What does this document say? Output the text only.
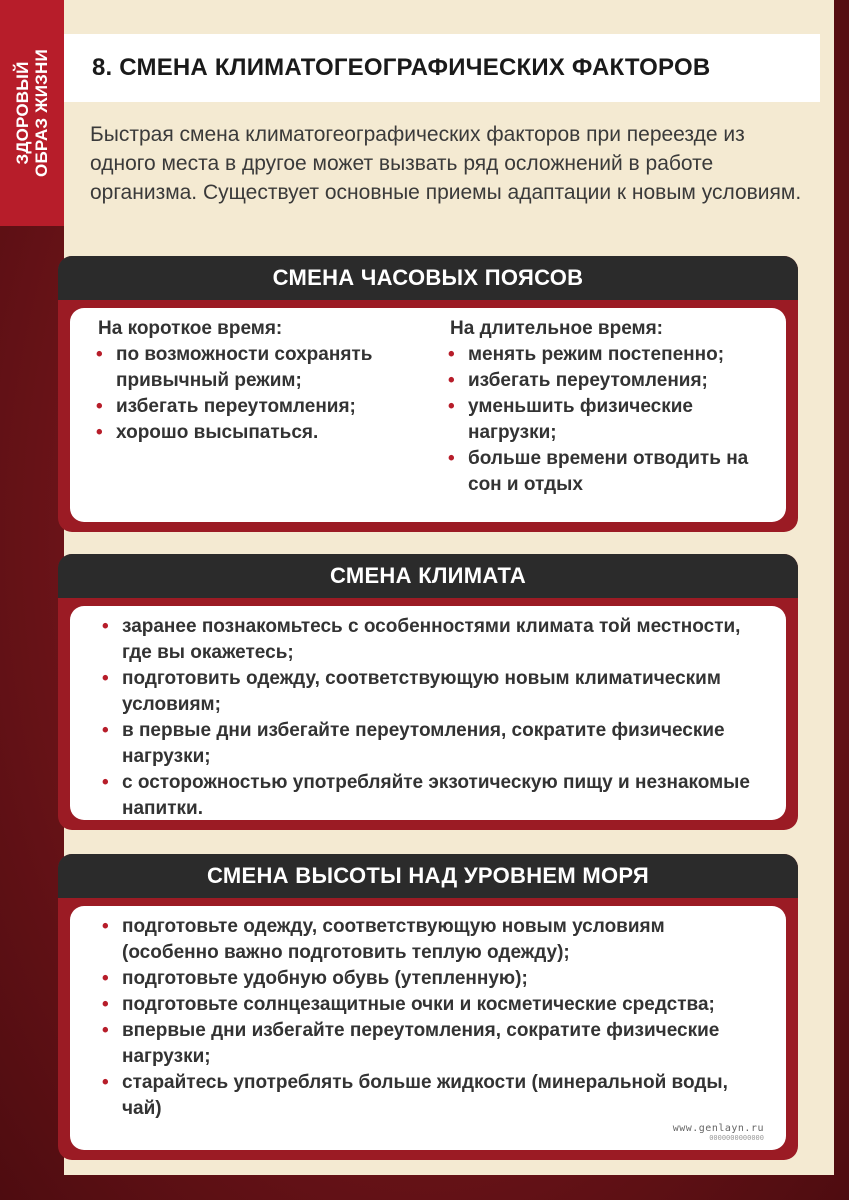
ЗДОРОВЫЙ ОБРАЗ ЖИЗНИ 8. СМЕНА КЛИМАТОГЕОГРАФИЧЕСКИХ ФАКТОРОВ

Быстрая смена климатогеографических факторов при переезде из одного места в другое может вызвать ряд осложнений в работе организма. Существует основные приемы адаптации к новым условиям.

СМЕНА ЧАСОВЫХ ПОЯСОВ
На короткое время:
• по возможности сохранять привычный режим;
• избегать переутомления;
• хорошо высыпаться.
На длительное время:
• менять режим постепенно;
• избегать переутомления;
• уменьшить физические нагрузки;
• больше времени отводить на сон и отдых
СМЕНА КЛИМАТА
• заранее познакомьтесь с особенностями климата той местности, где вы окажетесь;
• подготовить одежду, соответствующую новым климатическим условиям;
• в первые дни избегайте переутомления, сократите физические нагрузки;
• с осторожностью употребляйте экзотическую пищу и незнакомые напитки.
СМЕНА ВЫСОТЫ НАД УРОВНЕМ МОРЯ
• подготовьте одежду, соответствующую новым условиям (особенно важно подготовить теплую одежду);
• подготовьте удобную обувь (утепленную);
• подготовьте солнцезащитные очки и косметические средства;
• впервые дни избегайте переутомления, сократите физические нагрузки;
• старайтесь употреблять больше жидкости (минеральной воды, чай)
www.genlayn.ru
0000000000000
